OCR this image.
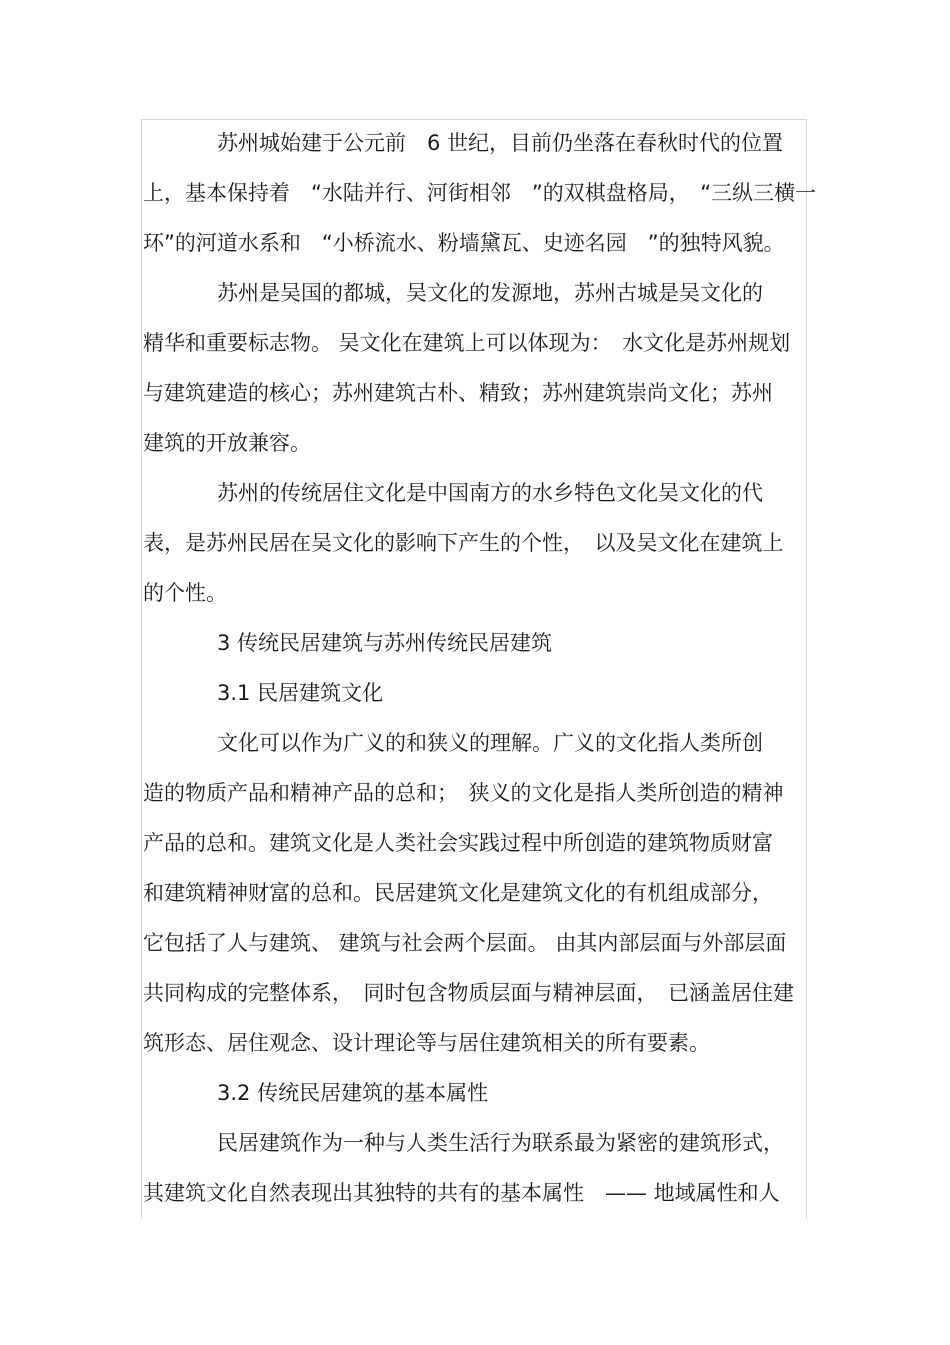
苏州城始建于公元前　6 世纪，目前仍坐落在春秋时代的位置
上，基本保持着　“水陆并行、河街相邻　”的双棋盘格局，　“三纵三横一
环”的河道水系和　“小桥流水、粉墙黛瓦、史迹名园　”的独特风貌。
苏州是吴国的都城，吴文化的发源地，苏州古城是吴文化的
精华和重要标志物。 吴文化在建筑上可以体现为：　水文化是苏州规划
与建筑建造的核心；苏州建筑古朴、精致；苏州建筑崇尚文化；苏州
建筑的开放兼容。
苏州的传统居住文化是中国南方的水乡特色文化吴文化的代
表，是苏州民居在吴文化的影响下产生的个性，　以及吴文化在建筑上
的个性。
3 传统民居建筑与苏州传统民居建筑
3.1 民居建筑文化
文化可以作为广义的和狭义的理解。广义的文化指人类所创
造的物质产品和精神产品的总和；　狭义的文化是指人类所创造的精神
产品的总和。建筑文化是人类社会实践过程中所创造的建筑物质财富
和建筑精神财富的总和。民居建筑文化是建筑文化的有机组成部分，
它包括了人与建筑、 建筑与社会两个层面。 由其内部层面与外部层面
共同构成的完整体系，　同时包含物质层面与精神层面，　已涵盖居住建
筑形态、居住观念、设计理论等与居住建筑相关的所有要素。
3.2 传统民居建筑的基本属性
民居建筑作为一种与人类生活行为联系最为紧密的建筑形式，
其建筑文化自然表现出其独特的共有的基本属性　—— 地域属性和人
